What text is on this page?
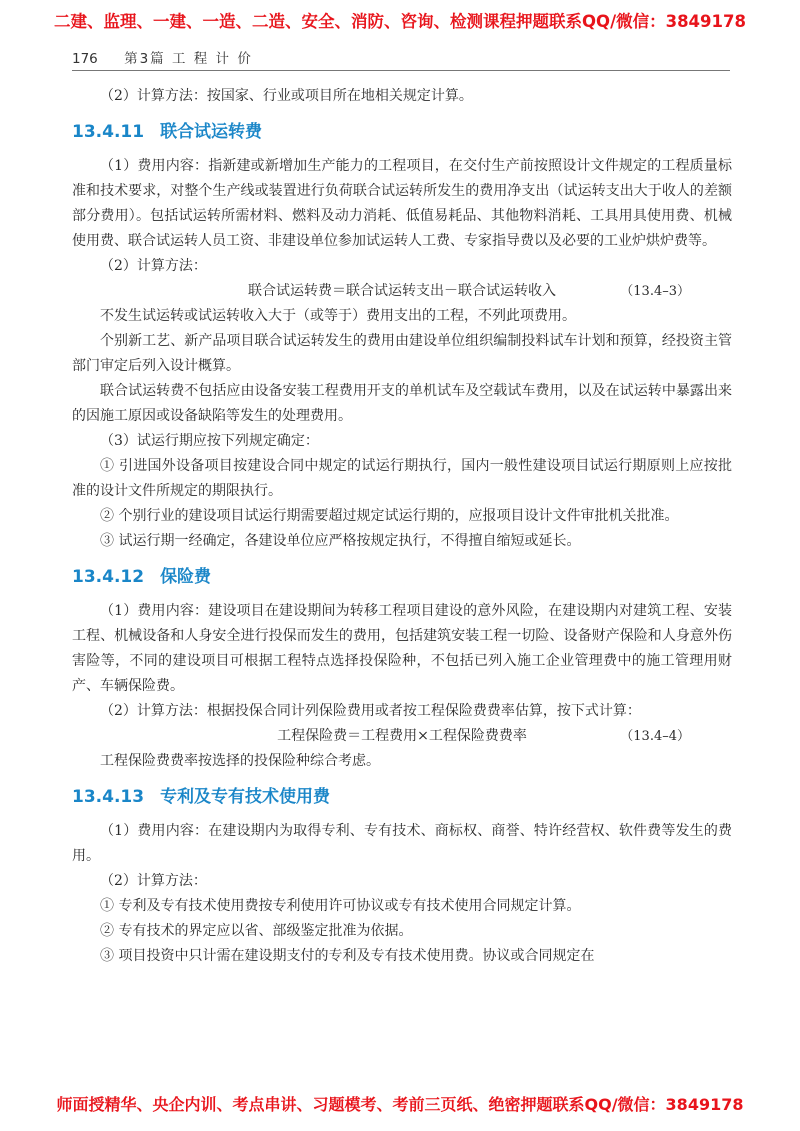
二建、监理、一建、一造、二造、安全、消防、咨询、检测课程押题联系QQ/微信：3849178
176 第3篇 工 程 计 价

（2）计算方法：按国家、行业或项目所在地相关规定计算。

13.4.11 联合试运转费

（1）费用内容：指新建或新增加生产能力的工程项目，在交付生产前按照设计文件规定的工程质量标准和技术要求，对整个生产线或装置进行负荷联合试运转所发生的费用净支出（试运转支出大于收人的差额部分费用）。包括试运转所需材料、燃料及动力消耗、低值易耗品、其他物料消耗、工具用具使用费、机械使用费、联合试运转人员工资、非建设单位参加试运转人工费、专家指导费以及必要的工业炉烘炉费等。

（2）计算方法：

联合试运转费＝联合试运转支出－联合试运转收入	（13.4–3）

不发生试运转或试运转收入大于（或等于）费用支出的工程，不列此项费用。

个别新工艺、新产品项目联合试运转发生的费用由建设单位组织编制投料试车计划和预算，经投资主管部门审定后列入设计概算。

联合试运转费不包括应由设备安装工程费用开支的单机试车及空载试车费用，以及在试运转中暴露出来的因施工原因或设备缺陷等发生的处理费用。

（3）试运行期应按下列规定确定：

① 引进国外设备项目按建设合同中规定的试运行期执行，国内一般性建设项目试运行期原则上应按批准的设计文件所规定的期限执行。

② 个别行业的建设项目试运行期需要超过规定试运行期的，应报项目设计文件审批机关批准。

③ 试运行期一经确定，各建设单位应严格按规定执行，不得擅自缩短或延长。

13.4.12 保险费

（1）费用内容：建设项目在建设期间为转移工程项目建设的意外风险，在建设期内对建筑工程、安装工程、机械设备和人身安全进行投保而发生的费用，包括建筑安装工程一切险、设备财产保险和人身意外伤害险等，不同的建设项目可根据工程特点选择投保险种，不包括已列入施工企业管理费中的施工管理用财产、车辆保险费。

（2）计算方法：根据投保合同计列保险费用或者按工程保险费费率估算，按下式计算：

工程保险费＝工程费用×工程保险费费率	（13.4–4）

工程保险费费率按选择的投保险种综合考虑。

13.4.13 专利及专有技术使用费

（1）费用内容：在建设期内为取得专利、专有技术、商标权、商誉、特许经营权、软件费等发生的费用。

（2）计算方法：

① 专利及专有技术使用费按专利使用许可协议或专有技术使用合同规定计算。

② 专有技术的界定应以省、部级鉴定批准为依据。

③ 项目投资中只计需在建设期支付的专利及专有技术使用费。协议或合同规定在

师面授精华、央企内训、考点串讲、习题模考、考前三页纸、绝密押题联系QQ/微信：3849178
